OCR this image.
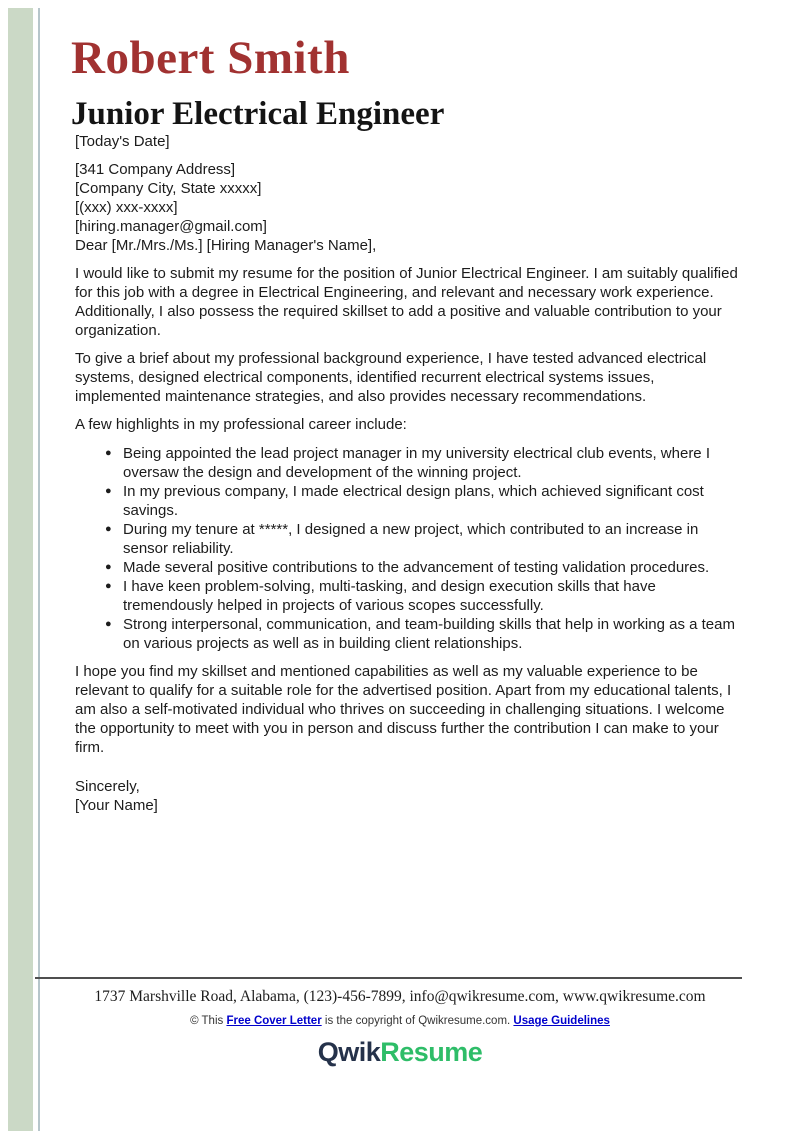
Robert Smith
Junior Electrical Engineer

[Today's Date]

[341 Company Address]
[Company City, State xxxxx]
[(xxx) xxx-xxxx]
[hiring.manager@gmail.com]

Dear [Mr./Mrs./Ms.] [Hiring Manager's Name],

I would like to submit my resume for the position of Junior Electrical Engineer. I am suitably qualified for this job with a degree in Electrical Engineering, and relevant and necessary work experience. Additionally, I also possess the required skillset to add a positive and valuable contribution to your organization.

To give a brief about my professional background experience, I have tested advanced electrical systems, designed electrical components, identified recurrent electrical systems issues, implemented maintenance strategies, and also provides necessary recommendations.

A few highlights in my professional career include:

● Being appointed the lead project manager in my university electrical club events, where I oversaw the design and development of the winning project.
● In my previous company, I made electrical design plans, which achieved significant cost savings.
● During my tenure at *****, I designed a new project, which contributed to an increase in sensor reliability.
● Made several positive contributions to the advancement of testing validation procedures.
● I have keen problem-solving, multi-tasking, and design execution skills that have tremendously helped in projects of various scopes successfully.
● Strong interpersonal, communication, and team-building skills that help in working as a team on various projects as well as in building client relationships.

I hope you find my skillset and mentioned capabilities as well as my valuable experience to be relevant to qualify for a suitable role for the advertised position. Apart from my educational talents, I am also a self-motivated individual who thrives on succeeding in challenging situations. I welcome the opportunity to meet with you in person and discuss further the contribution I can make to your firm.

Sincerely,
[Your Name]
1737 Marshville Road, Alabama, (123)-456-7899, info@qwikresume.com, www.qwikresume.com
© This Free Cover Letter is the copyright of Qwikresume.com. Usage Guidelines
QwikResume
